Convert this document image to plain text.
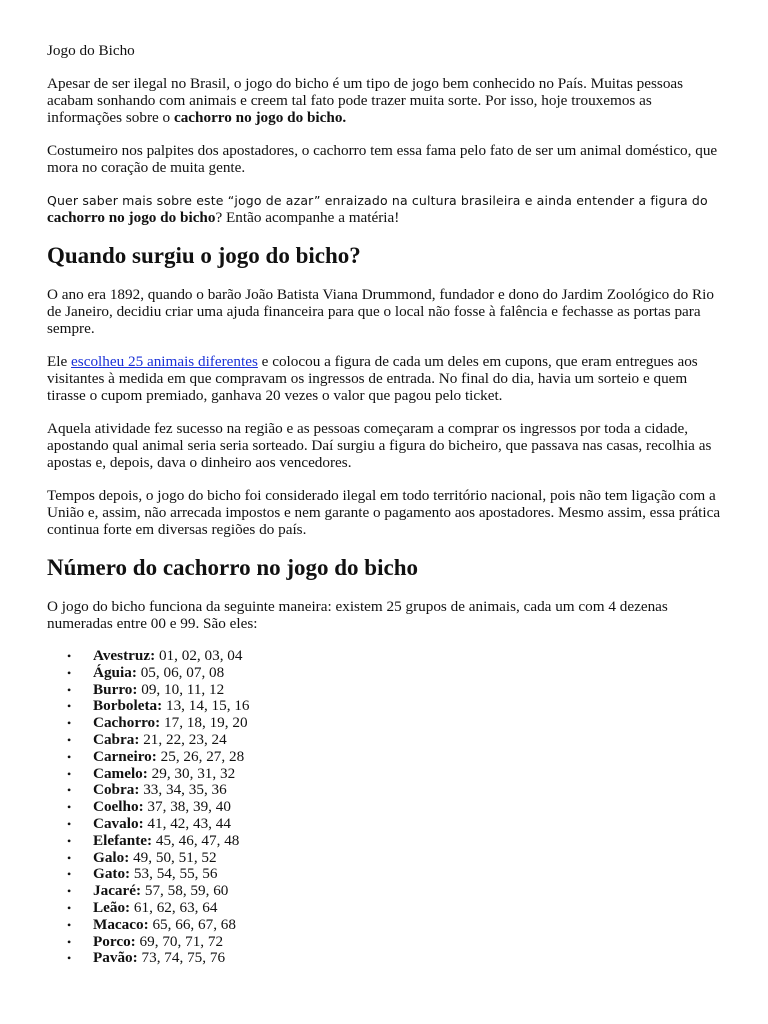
Jogo do Bicho

Apesar de ser ilegal no Brasil, o jogo do bicho é um tipo de jogo bem conhecido no País. Muitas pessoas acabam sonhando com animais e creem tal fato pode trazer muita sorte. Por isso, hoje trouxemos as informações sobre o cachorro no jogo do bicho.

Costumeiro nos palpites dos apostadores, o cachorro tem essa fama pelo fato de ser um animal doméstico, que mora no coração de muita gente.

Quer saber mais sobre este “jogo de azar” enraizado na cultura brasileira e ainda entender a figura do
cachorro no jogo do bicho? Então acompanhe a matéria!

Quando surgiu o jogo do bicho?

O ano era 1892, quando o barão João Batista Viana Drummond, fundador e dono do Jardim Zoológico do Rio de Janeiro, decidiu criar uma ajuda financeira para que o local não fosse à falência e fechasse as portas para sempre.

Ele escolheu 25 animais diferentes e colocou a figura de cada um deles em cupons, que eram entregues aos visitantes à medida em que compravam os ingressos de entrada. No final do dia, havia um sorteio e quem tirasse o cupom premiado, ganhava 20 vezes o valor que pagou pelo ticket.

Aquela atividade fez sucesso na região e as pessoas começaram a comprar os ingressos por toda a cidade, apostando qual animal seria seria sorteado. Daí surgiu a figura do bicheiro, que passava nas casas, recolhia as apostas e, depois, dava o dinheiro aos vencedores.

Tempos depois, o jogo do bicho foi considerado ilegal em todo território nacional, pois não tem ligação com a União e, assim, não arrecada impostos e nem garante o pagamento aos apostadores. Mesmo assim, essa prática continua forte em diversas regiões do país.

Número do cachorro no jogo do bicho

O jogo do bicho funciona da seguinte maneira: existem 25 grupos de animais, cada um com 4 dezenas numeradas entre 00 e 99. São eles:

• Avestruz: 01, 02, 03, 04
• Águia: 05, 06, 07, 08
• Burro: 09, 10, 11, 12
• Borboleta: 13, 14, 15, 16
• Cachorro: 17, 18, 19, 20
• Cabra: 21, 22, 23, 24
• Carneiro: 25, 26, 27, 28
• Camelo: 29, 30, 31, 32
• Cobra: 33, 34, 35, 36
• Coelho: 37, 38, 39, 40
• Cavalo: 41, 42, 43, 44
• Elefante: 45, 46, 47, 48
• Galo: 49, 50, 51, 52
• Gato: 53, 54, 55, 56
• Jacaré: 57, 58, 59, 60
• Leão: 61, 62, 63, 64
• Macaco: 65, 66, 67, 68
• Porco: 69, 70, 71, 72
• Pavão: 73, 74, 75, 76
